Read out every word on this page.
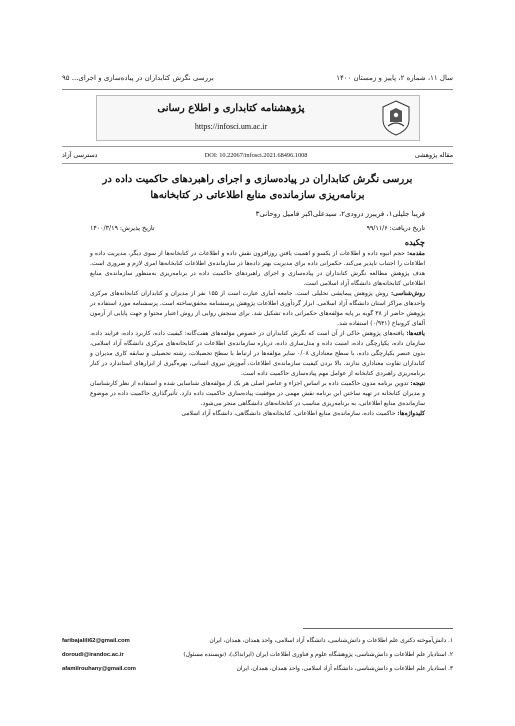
سال ۱۱، شماره ۲، پاییز و زمستان ۱۴۰۰
بررسی نگرش کتابداران در پیاده‌سازی و اجرای... ۹۵
پژوهشنامه کتابداری و اطلاع رسانی
https://infosci.um.ac.ir
مقاله پژوهشی
DOI: 10.22067/infosci.2021.68496.1008
دسترسی آزاد
بررسی نگرش کتابداران در پیاده‌سازی و اجرای راهبردهای حاکمیت داده در
برنامه‌ریزی سازمانده‌ی منابع اطلاعاتی در کتابخانه‌ها
فریبا جلیلی۱، فریبرز درودی۲، سیدعلی‌اکبر فامیل روحانی۳
تاریخ دریافت: ۹۹/۱۱/۶
تاریخ پذیرش: ۱۴۰۰/۳/۱۹
چکیده

مقدمه: حجم انبوه داده و اطلاعات از یکسو و اهمیت یافتن روزافزون نقش داده و اطلاعات در کتابخانه‌ها از سوی دیگر، مدیریت داده و اطلاعات را اجتناب ناپذیر می‌کند. حکمرانی داده برای مدیریت بهتر داده‌ها در سازمانده‌ی اطلاعات کتابخانه‌ها امری لازم و ضروری است. هدف پژوهش مطالعه نگرش کتابداران در پیاده‌سازی و اجرای راهبردهای حاکمیت داده در برنامه‌ریزی به‌منظور سازمانده‌ی منابع اطلاعاتی کتابخانه‌های دانشگاه آزاد اسلامی است.

روش‌شناسی: روش پژوهش پیمایشی تحلیلی است. جامعه آماری عبارت است از ۱۵۵ نفر از مدیران و کتابداران کتابخانه‌های مرکزی واحدهای مراکز استان دانشگاه آزاد اسلامی. ابزار گردآوری اطلاعات پژوهش پرسشنامه محقق‌ساخته است. پرسشنامه مورد استفاده در پژوهش حاضر از ۳۸ گویه بر پایه مؤلفه‌های حکمرانی داده تشکیل شد. برای سنجش روایی از روش اعتبار محتوا و جهت پایایی از آزمون آلفای کرونباخ (۰/۹۴۱) استفاده شد.

یافته‌ها: یافته‌های پژوهش حاکی از آن است که نگرش کتابداران در خصوص مؤلفه‌های هفت‌گانه: کیفیت داده، کاربرد داده، فرایند داده، سازمان داده، یکپارچگی داده، امنیت داده و مدل‌سازی داده، درباره سازمانده‌ی اطلاعات در کتابخانه‌های مرکزی دانشگاه آزاد اسلامی، بدون عنصر یکپارچگی داده، با سطح معناداری ۰/۰۸ سایر مؤلفه‌ها در ارتباط با سطح تحصیلات، رشته تحصیلی و سابقه کاری مدیران و کتابداران تفاوت معناداری ندارند. بالا بردن کیفیت سازمانده‌ی اطلاعات، آموزش نیروی انسانی، بهره‌گیری از ابزارهای استاندارد در کنار برنامه‌ریزی راهبردی کتابخانه از عوامل مهم پیاده‌سازی حاکمیت داده است.

نتیجه: تدوین برنامه مدون حاکمیت داده بر اساس اجزاء و عناصر اصلی هر یک از مؤلفه‌های شناسایی شده و استفاده از نظر کارشناسان و مدیران کتابخانه در تهیه ساختن این برنامه نقش مهمی در موفقیت پیاده‌سازی حاکمیت داده دارد. تأثیرگذاری حاکمیت داده در موضوع سازمانده‌ی منابع اطلاعاتی، به برنامه‌ریزی مناسب در کتابخانه‌های دانشگاهی منجر می‌شود.

کلیدواژه‌ها: حاکمیت داده، سازمانده‌ی منابع اطلاعاتی، کتابخانه‌های دانشگاهی، دانشگاه آزاد اسلامی

۱. دانش‌آموخته دکتری علم اطلاعات و دانش‌شناسی، دانشگاه آزاد اسلامی، واحد همدان، همدان، ایران
faribajalili62@gmail.com
۲. استادیار علم اطلاعات و دانش‌شناسی، پژوهشگاه علوم و فناوری اطلاعات ایران (ایرانداک)، (نویسنده مسئول)
doroudi@irandoc.ac.ir
۳. استادیار علم اطلاعات و دانش‌شناسی، دانشگاه آزاد اسلامی، واحد همدان، همدان، ایران
afamilrouhany@gmail.com
